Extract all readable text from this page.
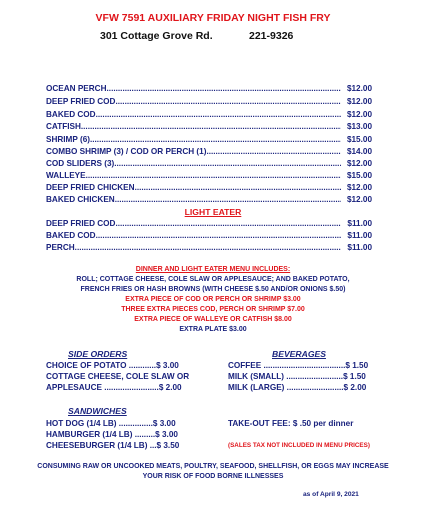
VFW 7591 AUXILIARY FRIDAY NIGHT FISH FRY
301 Cottage Grove Rd.	221-9326
OCEAN PERCH .....	$12.00
DEEP FRIED COD .....	$12.00
BAKED COD .....	$12.00
CATFISH .....	$13.00
SHRIMP (6) .....	$15.00
COMBO SHRIMP (3) / COD OR PERCH (1) .....	$14.00
COD SLIDERS (3) .....	$12.00
WALLEYE .....	$15.00
DEEP FRIED CHICKEN .....	$12.00
BAKED CHICKEN .....	$12.00
LIGHT EATER
DEEP FRIED COD .....	$11.00
BAKED COD .....	$11.00
PERCH .....	$11.00
DINNER AND LIGHT EATER MENU INCLUDES:
ROLL; COTTAGE CHEESE, COLE SLAW OR APPLESAUCE; AND BAKED POTATO,
FRENCH FRIES OR HASH BROWNS (WITH CHEESE $.50 AND/OR ONIONS $.50)
EXTRA PIECE OF COD OR PERCH OR SHRIMP $3.00
THREE EXTRA PIECES COD, PERCH OR SHRIMP $7.00
EXTRA PIECE OF WALLEYE OR CATFISH $8.00
EXTRA PLATE $3.00
SIDE ORDERS
CHOICE OF POTATO ............$ 3.00
COTTAGE CHEESE, COLE SLAW OR
APPLESAUCE ........................$ 2.00
BEVERAGES
COFFEE ....................................$ 1.50
MILK (SMALL) .........................$ 1.50
MILK (LARGE) .........................$ 2.00
SANDWICHES
HOT DOG (1/4 LB) ...............$ 3.00
HAMBURGER (1/4 LB) .........$ 3.00
CHEESEBURGER (1/4 LB) ...$ 3.50
TAKE-OUT FEE: $ .50 per dinner
(SALES TAX NOT INCLUDED IN MENU PRICES)
CONSUMING RAW OR UNCOOKED MEATS, POULTRY, SEAFOOD, SHELLFISH, OR EGGS MAY INCREASE
YOUR RISK OF FOOD BORNE ILLNESSES
as of April 9, 2021
